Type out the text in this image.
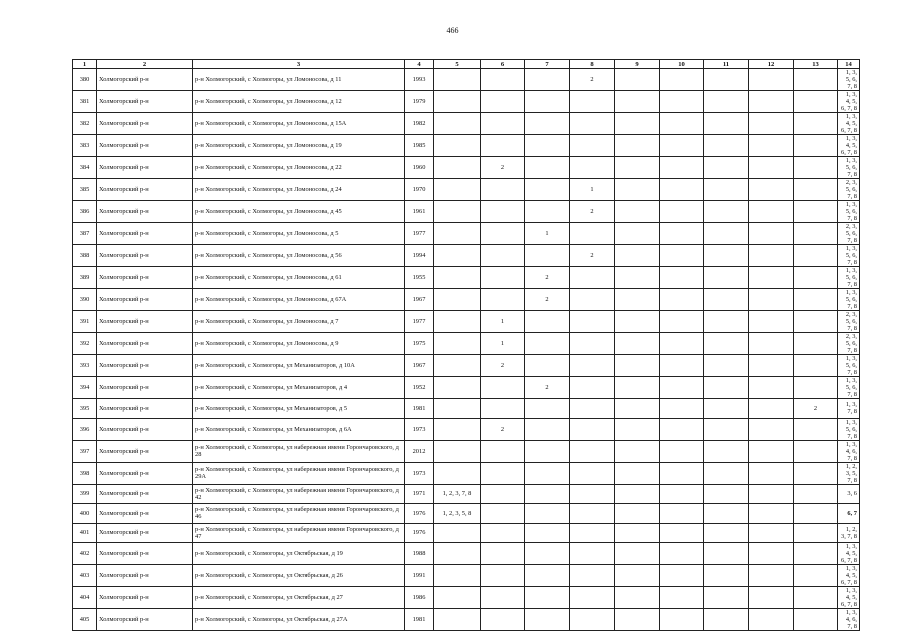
466
1	2	3	4	5	6	7	8	9	10	11	12	13	14
380	Холмогорский р-н	р-н Холмогорский, с Холмогоры, ул Ломоносова, д 11	1993				2						1, 3, 5, 6, 7, 8
381	Холмогорский р-н	р-н Холмогорский, с Холмогоры, ул Ломоносова, д 12	1979										1, 3, 4, 5, 6, 7, 8
382	Холмогорский р-н	р-н Холмогорский, с Холмогоры, ул Ломоносова, д 15А	1982										1, 3, 4, 5, 6, 7, 8
383	Холмогорский р-н	р-н Холмогорский, с Холмогоры, ул Ломоносова, д 19	1985										1, 3, 4, 5, 6, 7, 8
384	Холмогорский р-н	р-н Холмогорский, с Холмогоры, ул Ломоносова, д 22	1960		2								1, 3, 5, 6, 7, 8
385	Холмогорский р-н	р-н Холмогорский, с Холмогоры, ул Ломоносова, д 24	1970				1						2, 3, 5, 6, 7, 8
386	Холмогорский р-н	р-н Холмогорский, с Холмогоры, ул Ломоносова, д 45	1961				2						1, 3, 5, 6, 7, 8
387	Холмогорский р-н	р-н Холмогорский, с Холмогоры, ул Ломоносова, д 5	1977			1							2, 3, 5, 6, 7, 8
388	Холмогорский р-н	р-н Холмогорский, с Холмогоры, ул Ломоносова, д 56	1994				2						1, 3, 5, 6, 7, 8
389	Холмогорский р-н	р-н Холмогорский, с Холмогоры, ул Ломоносова, д 61	1955			2							1, 3, 5, 6, 7, 8
390	Холмогорский р-н	р-н Холмогорский, с Холмогоры, ул Ломоносова, д 67А	1967			2							1, 3, 5, 6, 7, 8
391	Холмогорский р-н	р-н Холмогорский, с Холмогоры, ул Ломоносова, д 7	1977		1								2, 3, 5, 6, 7, 8
392	Холмогорский р-н	р-н Холмогорский, с Холмогоры, ул Ломоносова, д 9	1975		1								2, 3, 5, 6, 7, 8
393	Холмогорский р-н	р-н Холмогорский, с Холмогоры, ул Механизаторов, д 10А	1967		2								1, 3, 5, 6, 7, 8
394	Холмогорский р-н	р-н Холмогорский, с Холмогоры, ул Механизаторов, д 4	1952			2							1, 3, 5, 6, 7, 8
395	Холмогорский р-н	р-н Холмогорский, с Холмогоры, ул Механизаторов, д 5	1981									2	1, 3, 7, 8
396	Холмогорский р-н	р-н Холмогорский, с Холмогоры, ул Механизаторов, д 6А	1973		2								1, 3, 5, 6, 7, 8
397	Холмогорский р-н	р-н Холмогорский, с Холмогоры, ул набережная имени Горончаровского, д 28	2012										1, 3, 4, 6, 7, 8
398	Холмогорский р-н	р-н Холмогорский, с Холмогоры, ул набережная имени Горончаровского, д 29А	1973										1, 2, 3, 5, 7, 8
399	Холмогорский р-н	р-н Холмогорский, с Холмогоры, ул набережная имени Горончаровского, д 42	1971	1, 2, 3, 7, 8									3, 6
400	Холмогорский р-н	р-н Холмогорский, с Холмогоры, ул набережная имени Горончаровского, д 46	1976	1, 2, 3, 5, 8									6, 7
401	Холмогорский р-н	р-н Холмогорский, с Холмогоры, ул набережная имени Горончаровского, д 47	1976										1, 2, 3, 7, 8
402	Холмогорский р-н	р-н Холмогорский, с Холмогоры, ул Октябрьская, д 19	1988										1, 3, 4, 5, 6, 7, 8
403	Холмогорский р-н	р-н Холмогорский, с Холмогоры, ул Октябрьская, д 26	1991										1, 3, 4, 5, 6, 7, 8
404	Холмогорский р-н	р-н Холмогорский, с Холмогоры, ул Октябрьская, д 27	1986										1, 3, 4, 5, 6, 7, 8
405	Холмогорский р-н	р-н Холмогорский, с Холмогоры, ул Октябрьская, д 27А	1981										1, 3, 4, 6, 7, 8
